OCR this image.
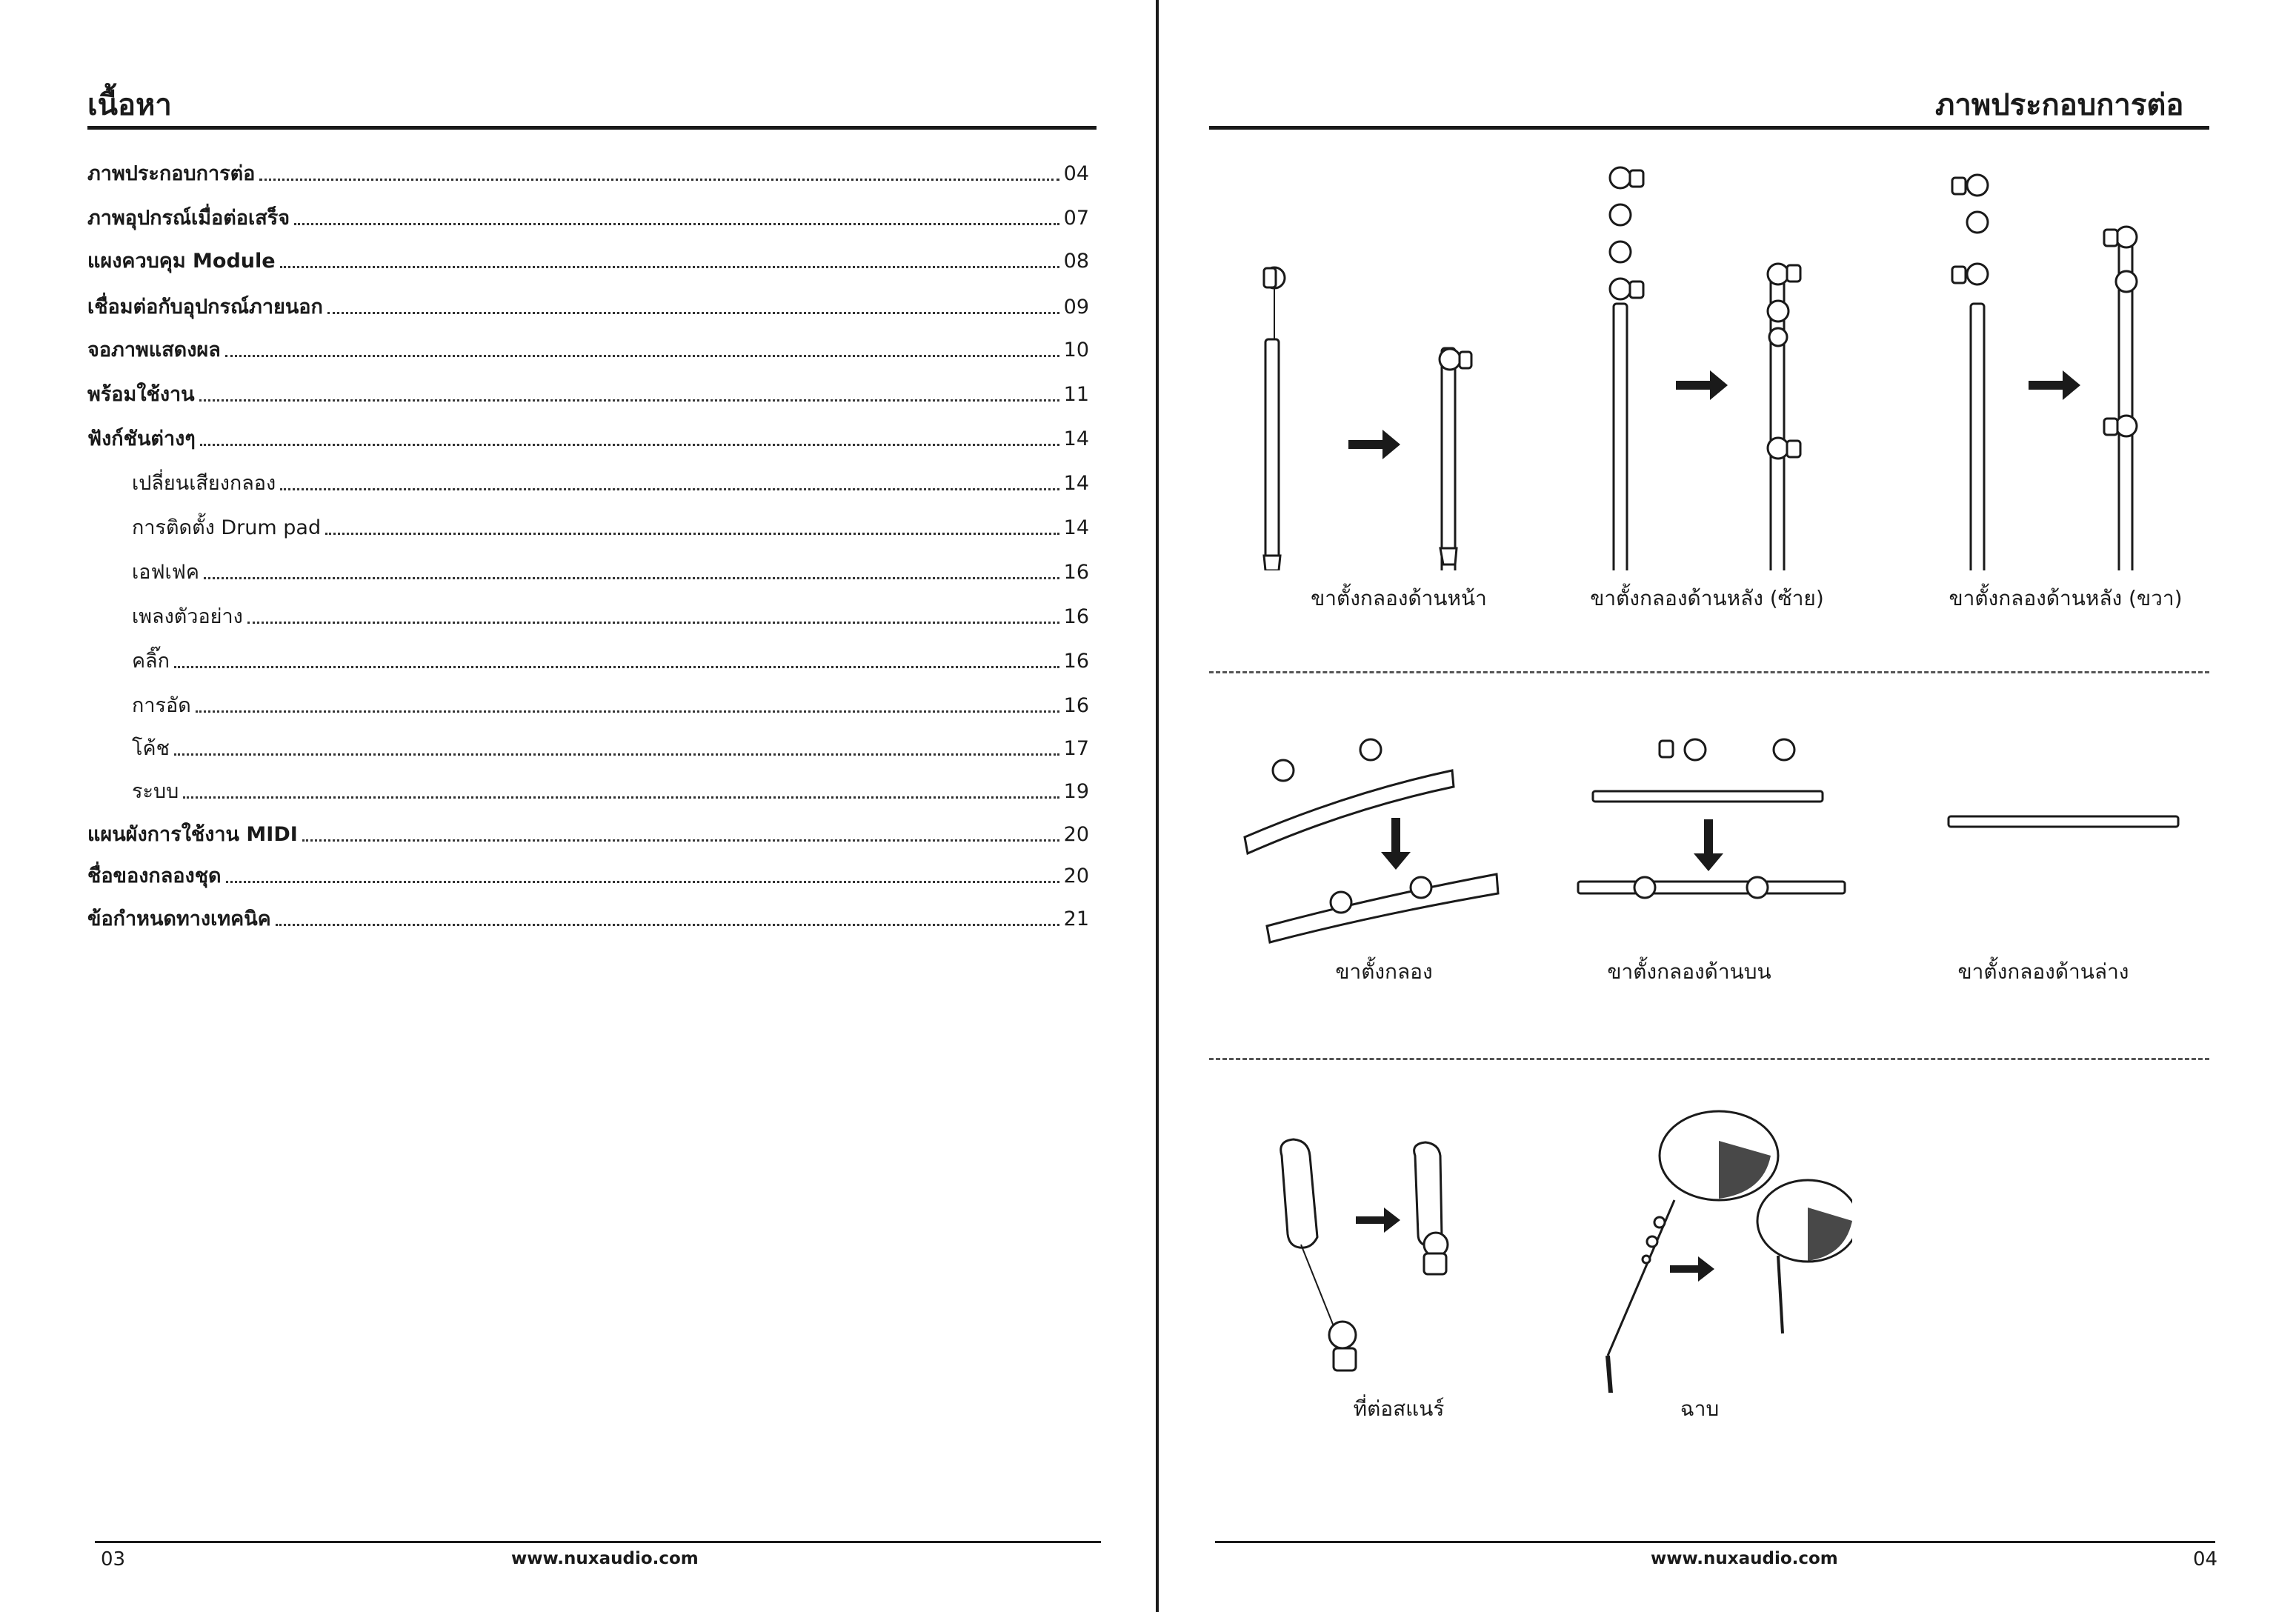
เนื้อหา
ภาพประกอบการต่อ	04
ภาพอุปกรณ์เมื่อต่อเสร็จ	07
แผงควบคุม Module	08
เชื่อมต่อกับอุปกรณ์ภายนอก	09
จอภาพแสดงผล	10
พร้อมใช้งาน	11
ฟังก์ชันต่างๆ	14
เปลี่ยนเสียงกลอง	14
การติดตั้ง Drum pad	14
เอฟเฟค	16
เพลงตัวอย่าง	16
คลิ๊ก	16
การอัด	16
โค้ช	17
ระบบ	19
แผนผังการใช้งาน MIDI	20
ชื่อของกลองชุด	20
ข้อกำหนดทางเทคนิค	21
03	www.nuxaudio.com
ภาพประกอบการต่อ
ขาตั้งกลองด้านหน้า	ขาตั้งกลองด้านหลัง (ซ้าย)	ขาตั้งกลองด้านหลัง (ขวา)
ขาตั้งกลอง	ขาตั้งกลองด้านบน	ขาตั้งกลองด้านล่าง
ที่ต่อสแนร์	ฉาบ
www.nuxaudio.com	04
